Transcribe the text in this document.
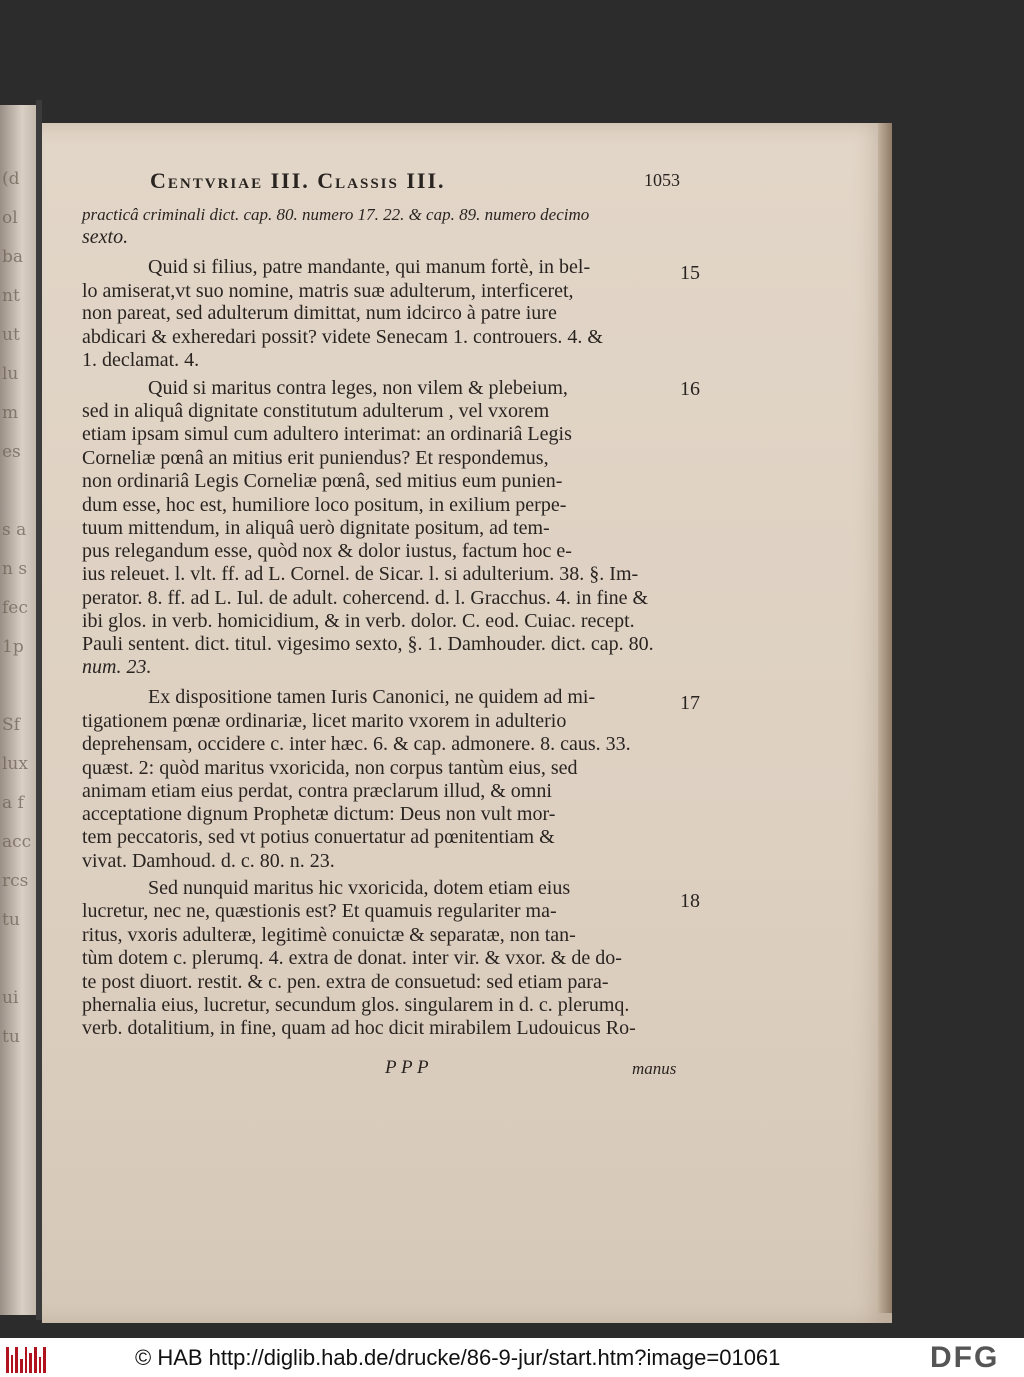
(d
ol
ba
nt
ut
lu
m
es

s a
n s
fec
1p

Sf
lux
a f
acc
rcs
tu

ui
tu
Centvriae III. Classis III.	1053
practicâ criminali dict. cap. 80. numero 17. 22. & cap. 89. numero decimo
sexto.
Quid si filius, patre mandante, qui manum fortè, in bel-
lo amiserat,vt suo nomine, matris suæ adulterum, interficeret,
non pareat, sed adulterum dimittat, num idcirco à patre iure
abdicari & exheredari possit? videte Senecam 1. controuers. 4. &
1. declamat. 4.
Quid si maritus contra leges, non vilem & plebeium,
sed in aliquâ dignitate constitutum adulterum , vel vxorem
etiam ipsam simul cum adultero interimat: an ordinariâ Legis
Corneliæ pœnâ an mitius erit puniendus? Et respondemus,
non ordinariâ Legis Corneliæ pœnâ, sed mitius eum punien-
dum esse, hoc est, humiliore loco positum, in exilium perpe-
tuum mittendum, in aliquâ uerò dignitate positum, ad tem-
pus relegandum esse, quòd nox & dolor iustus, factum hoc e-
ius releuet. l. vlt. ff. ad L. Cornel. de Sicar. l. si adulterium. 38. §. Im-
perator. 8. ff. ad L. Iul. de adult. cohercend. d. l. Gracchus. 4. in fine &
ibi glos. in verb. homicidium, & in verb. dolor. C. eod. Cuiac. recept.
Pauli sentent. dict. titul. vigesimo sexto, §. 1. Damhouder. dict. cap. 80.
num. 23.
Ex dispositione tamen Iuris Canonici, ne quidem ad mi-
tigationem pœnæ ordinariæ, licet marito vxorem in adulterio
deprehensam, occidere c. inter hæc. 6. & cap. admonere. 8. caus. 33.
quæst. 2: quòd maritus vxoricida, non corpus tantùm eius, sed
animam etiam eius perdat, contra præclarum illud, & omni
acceptatione dignum Prophetæ dictum: Deus non vult mor-
tem peccatoris, sed vt potius conuertatur ad pœnitentiam &
vivat. Damhoud. d. c. 80. n. 23.
Sed nunquid maritus hic vxoricida, dotem etiam eius
lucretur, nec ne, quæstionis est? Et quamuis regulariter ma-
ritus, vxoris adulteræ, legitimè conuictæ & separatæ, non tan-
tùm dotem c. plerumq. 4. extra de donat. inter vir. & vxor. & de do-
te post diuort. restit. & c. pen. extra de consuetud: sed etiam para-
phernalia eius, lucretur, secundum glos. singularem in d. c. plerumq.
verb. dotalitium, in fine, quam ad hoc dicit mirabilem Ludouicus Ro-
15
16
17
18
P P P	manus
© HAB http://diglib.hab.de/drucke/86-9-jur/start.htm?image=01061	DFG
